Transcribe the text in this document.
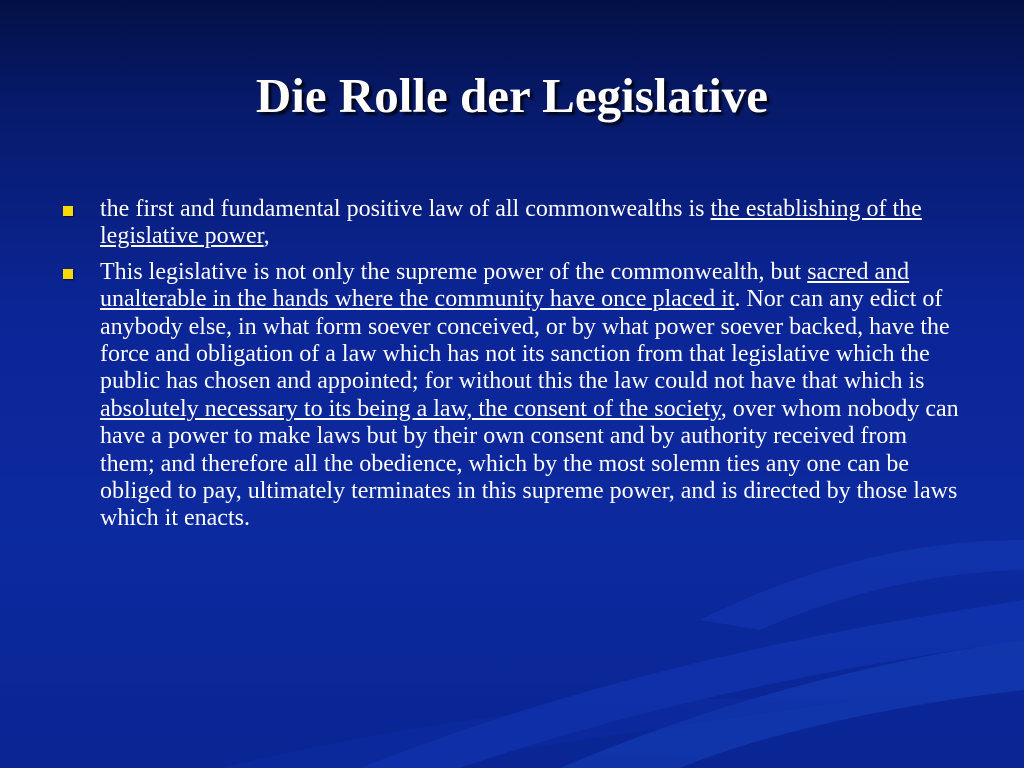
Die Rolle der Legislative
the first and fundamental positive law of all commonwealths is the establishing of the legislative power,
This legislative is not only the supreme power of the commonwealth, but sacred and unalterable in the hands where the community have once placed it. Nor can any edict of anybody else, in what form soever conceived, or by what power soever backed, have the force and obligation of a law which has not its sanction from that legislative which the public has chosen and appointed; for without this the law could not have that which is absolutely necessary to its being a law, the consent of the society, over whom nobody can have a power to make laws but by their own consent and by authority received from them; and therefore all the obedience, which by the most solemn ties any one can be obliged to pay, ultimately terminates in this supreme power, and is directed by those laws which it enacts.
